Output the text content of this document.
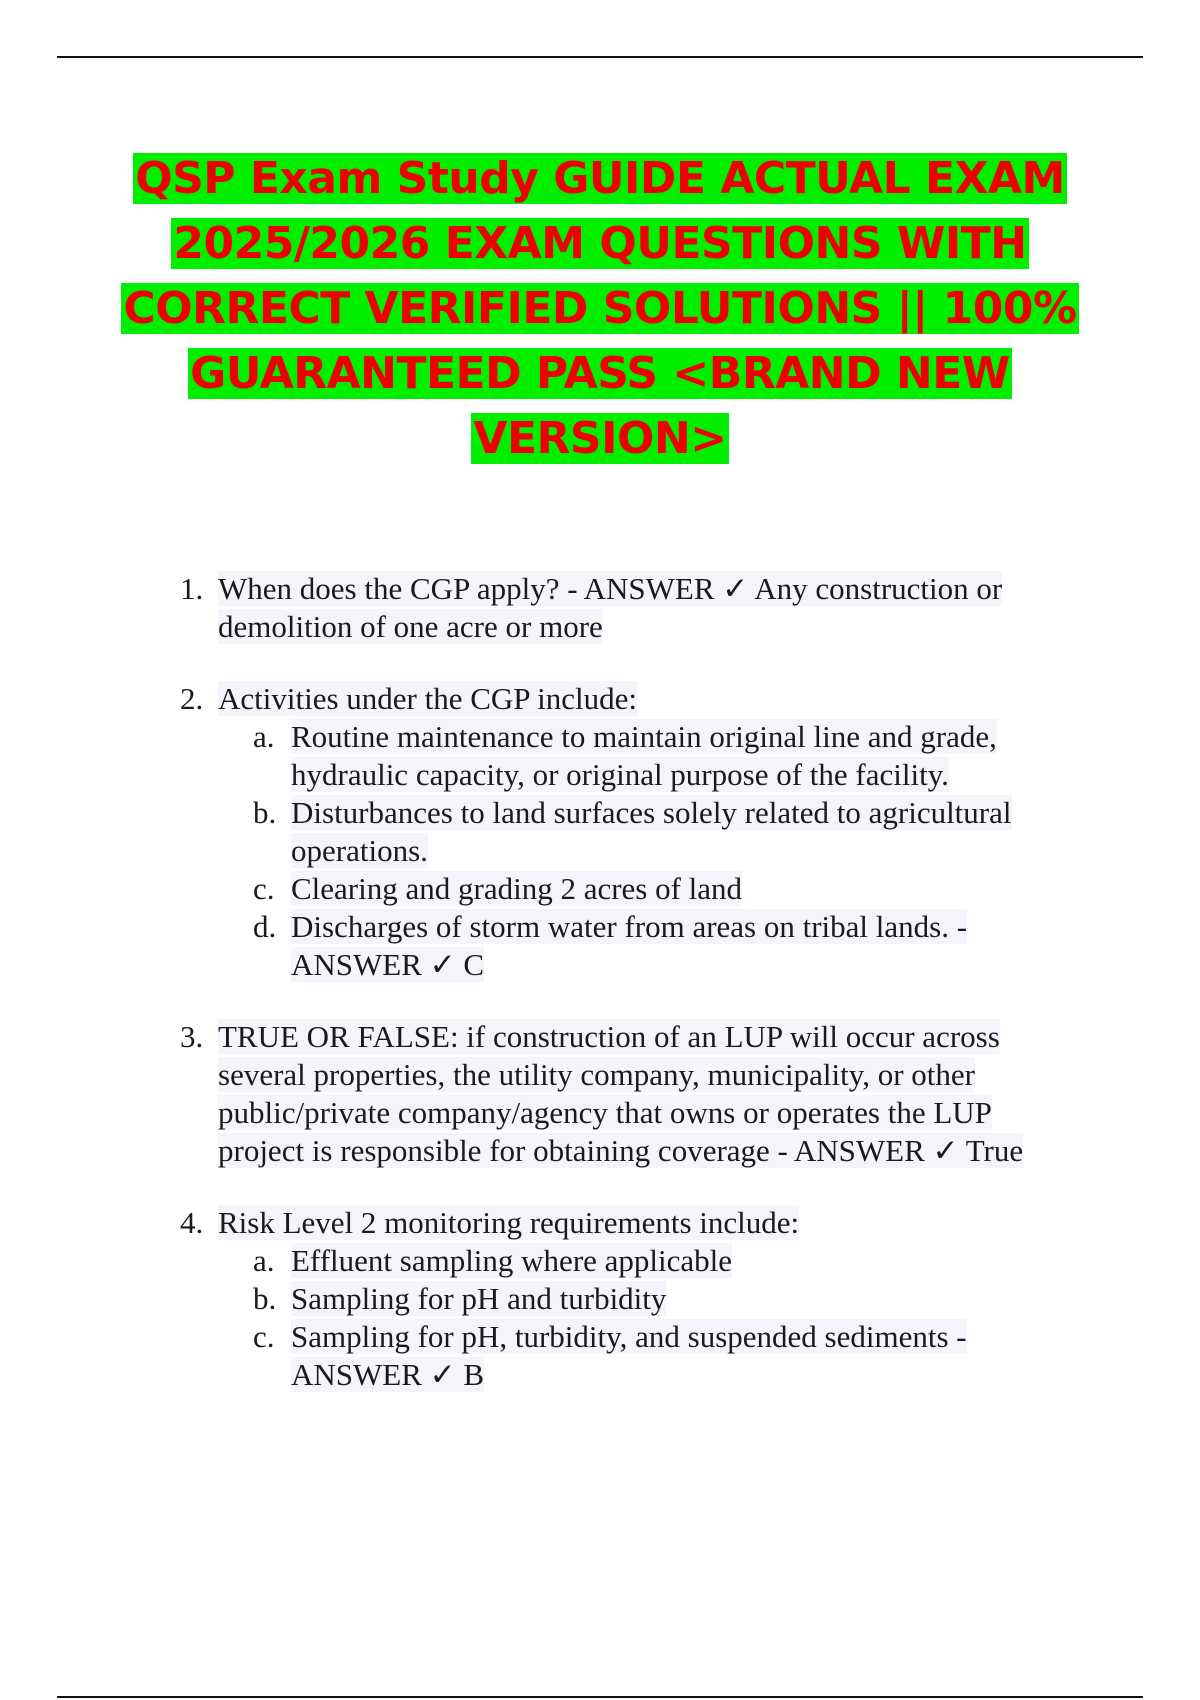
QSP Exam Study GUIDE ACTUAL EXAM 2025/2026 EXAM QUESTIONS WITH CORRECT VERIFIED SOLUTIONS || 100% GUARANTEED PASS <BRAND NEW VERSION>
1. When does the CGP apply? - ANSWER ✓ Any construction or demolition of one acre or more
2. Activities under the CGP include:
a. Routine maintenance to maintain original line and grade, hydraulic capacity, or original purpose of the facility.
b. Disturbances to land surfaces solely related to agricultural operations.
c. Clearing and grading 2 acres of land
d. Discharges of storm water from areas on tribal lands. - ANSWER ✓ C
3. TRUE OR FALSE: if construction of an LUP will occur across several properties, the utility company, municipality, or other public/private company/agency that owns or operates the LUP project is responsible for obtaining coverage - ANSWER ✓ True
4. Risk Level 2 monitoring requirements include:
a. Effluent sampling where applicable
b. Sampling for pH and turbidity
c. Sampling for pH, turbidity, and suspended sediments - ANSWER ✓ B
